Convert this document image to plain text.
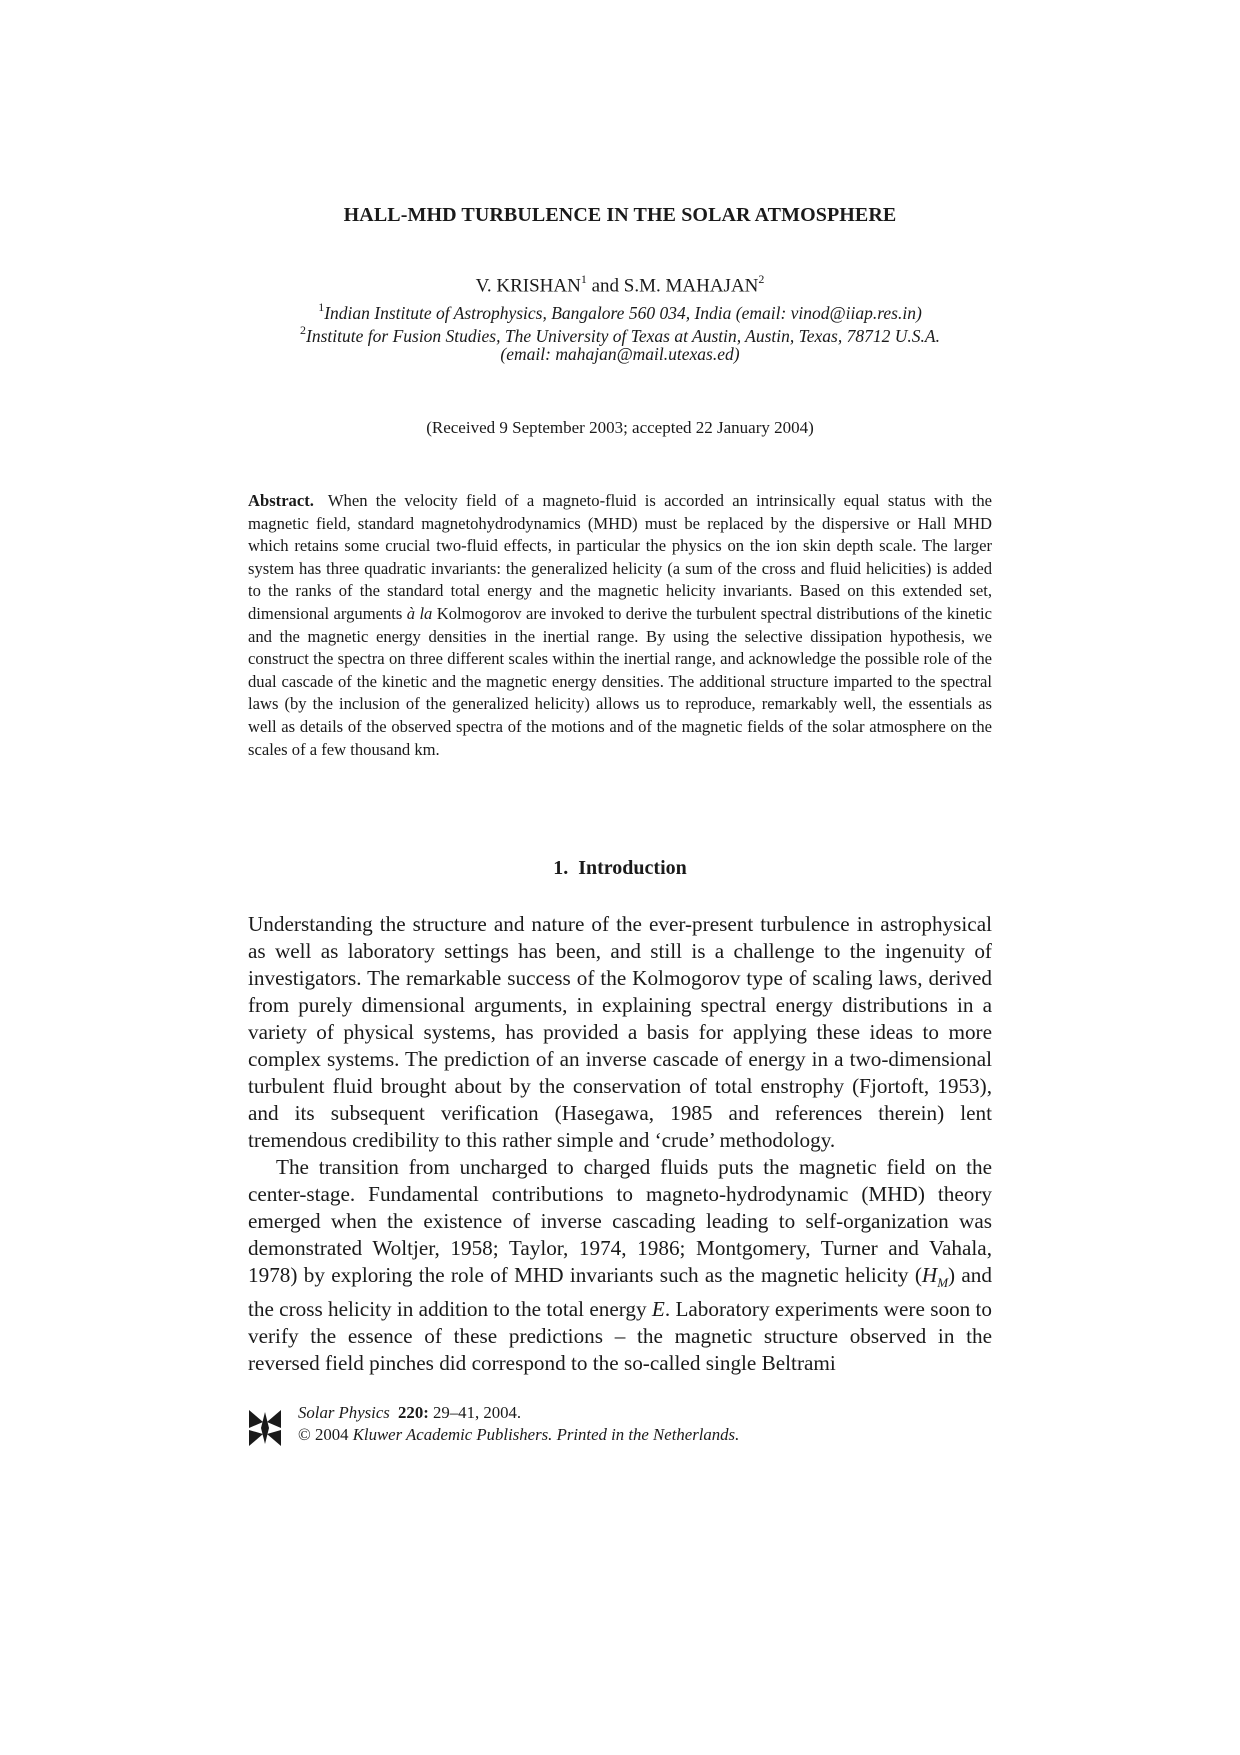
HALL-MHD TURBULENCE IN THE SOLAR ATMOSPHERE
V. KRISHAN$^1$ and S.M. MAHAJAN$^2$
$^1$Indian Institute of Astrophysics, Bangalore 560 034, India (email: vinod@iiap.res.in)
$^2$Institute for Fusion Studies, The University of Texas at Austin, Austin, Texas, 78712 U.S.A.
(email: mahajan@mail.utexas.ed)
(Received 9 September 2003; accepted 22 January 2004)
Abstract. When the velocity field of a magneto-fluid is accorded an intrinsically equal status with the magnetic field, standard magnetohydrodynamics (MHD) must be replaced by the dispersive or Hall MHD which retains some crucial two-fluid effects, in particular the physics on the ion skin depth scale. The larger system has three quadratic invariants: the generalized helicity (a sum of the cross and fluid helicities) is added to the ranks of the standard total energy and the magnetic helicity invariants. Based on this extended set, dimensional arguments à la Kolmogorov are invoked to derive the turbulent spectral distributions of the kinetic and the magnetic energy densities in the inertial range. By using the selective dissipation hypothesis, we construct the spectra on three different scales within the inertial range, and acknowledge the possible role of the dual cascade of the kinetic and the magnetic energy densities. The additional structure imparted to the spectral laws (by the inclusion of the generalized helicity) allows us to reproduce, remarkably well, the essentials as well as details of the observed spectra of the motions and of the magnetic fields of the solar atmosphere on the scales of a few thousand km.
1. Introduction

Understanding the structure and nature of the ever-present turbulence in astrophysical as well as laboratory settings has been, and still is a challenge to the ingenuity of investigators. The remarkable success of the Kolmogorov type of scaling laws, derived from purely dimensional arguments, in explaining spectral energy distributions in a variety of physical systems, has provided a basis for applying these ideas to more complex systems. The prediction of an inverse cascade of energy in a two-dimensional turbulent fluid brought about by the conservation of total enstrophy (Fjortoft, 1953), and its subsequent verification (Hasegawa, 1985 and references therein) lent tremendous credibility to this rather simple and ‘crude’ methodology.

The transition from uncharged to charged fluids puts the magnetic field on the center-stage. Fundamental contributions to magneto-hydrodynamic (MHD) theory emerged when the existence of inverse cascading leading to self-organization was demonstrated Woltjer, 1958; Taylor, 1974, 1986; Montgomery, Turner and Vahala, 1978) by exploring the role of MHD invariants such as the magnetic helicity $(H_M)$ and the cross helicity in addition to the total energy E. Laboratory experiments were soon to verify the essence of these predictions – the magnetic structure observed in the reversed field pinches did correspond to the so-called single Beltrami

Solar Physics 220: 29–41, 2004.
© 2004 Kluwer Academic Publishers. Printed in the Netherlands.
